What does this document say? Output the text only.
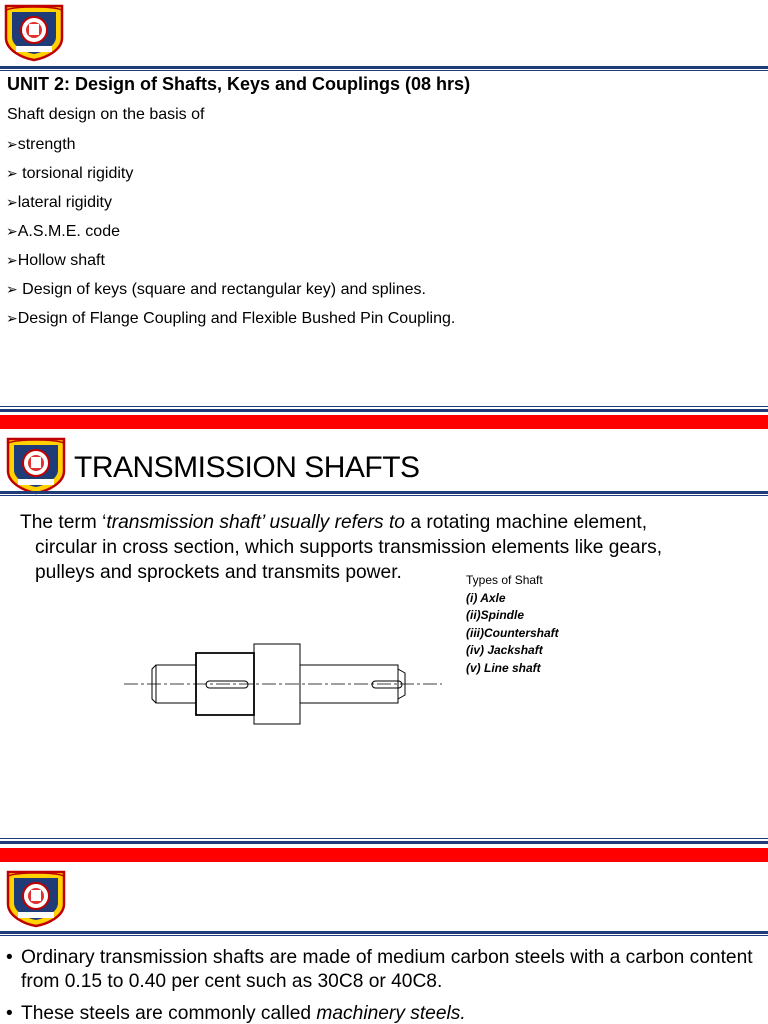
UNIT 2: Design of Shafts, Keys and Couplings (08 hrs)
Shaft design on the basis of
➢strength
➢ torsional rigidity
➢lateral rigidity
➢A.S.M.E. code
➢Hollow shaft
➢ Design of keys (square and rectangular key) and splines.
➢Design of Flange Coupling and Flexible Bushed Pin Coupling.
TRANSMISSION SHAFTS
The term ‘transmission shaft’ usually refers to a rotating machine element,
circular in cross section, which supports transmission elements like gears,
pulleys and sprockets and transmits power.	Types of Shaft
(i) Axle
(ii)Spindle
(iii)Countershaft
(iv) Jackshaft
(v) Line shaft
• Ordinary transmission shafts are made of medium carbon steels with a carbon content from 0.15 to 0.40 per cent such as 30C8 or 40C8.
• These steels are commonly called machinery steels.
